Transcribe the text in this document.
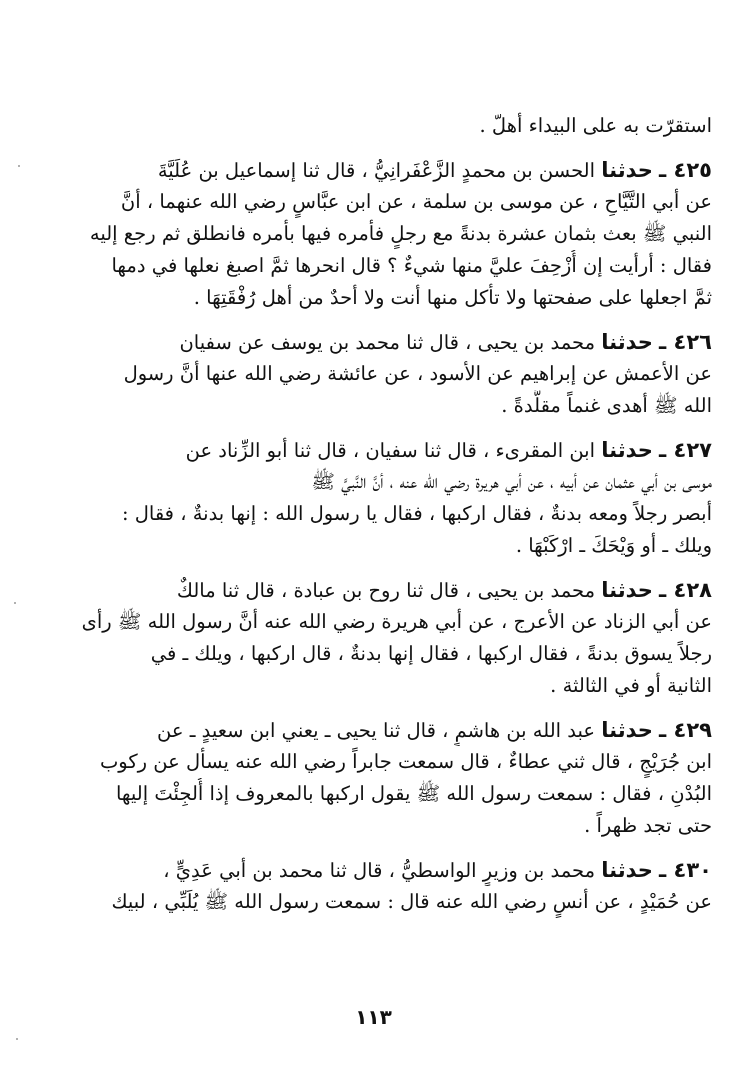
استقرّت به على البيداء أهلّ .
٤٢٥ ـ حدثنا الحسن بن محمدٍ الزَّعْفَرانِيُّ ، قال ثنا إسماعيل بن عُلَيَّةَ
عن أبي التَّيَّاحِ ، عن موسى بن سلمة ، عن ابن عبَّاسٍ رضي الله عنهما ، أنَّ
النبي ﷺ بعث بثمان عشرة بدنةً مع رجلٍ فأمره فيها بأمره فانطلق ثم رجع إليه
فقال : أرأيت إن أُزْحِفَ عليَّ منها شيءٌ ؟ قال انحرها ثمَّ اصبغ نعلها في دمها
ثمَّ اجعلها على صفحتها ولا تأكل منها أنت ولا أحدٌ من أهل رُفْقَتِهَا .
٤٢٦ ـ حدثنا محمد بن يحيى ، قال ثنا محمد بن يوسف عن سفيان
عن الأعمش عن إبراهيم عن الأسود ، عن عائشة رضي الله عنها أنَّ رسول
الله ﷺ أهدى غنماً مقلَّدةً .
٤٢٧ ـ حدثنا ابن المقرىء ، قال ثنا سفيان ، قال ثنا أبو الزِّناد عن
موسى بن أبي عثمان عن أبيه ، عن أبي هريرة رضي الله عنه ، أنَّ النَّبيَّ ﷺ
أبصر رجلاً ومعه بدنةٌ ، فقال اركبها ، فقال يا رسول الله : إنها بدنةٌ ، فقال :
ويلك ـ أو وَيْحَكَ ـ ارْكَبْهَا .
٤٢٨ ـ حدثنا محمد بن يحيى ، قال ثنا روح بن عبادة ، قال ثنا مالكٌ
عن أبي الزناد عن الأعرج ، عن أبي هريرة رضي الله عنه أنَّ رسول الله ﷺ رأى
رجلاً يسوق بدنةً ، فقال اركبها ، فقال إنها بدنةٌ ، قال اركبها ، ويلك ـ في
الثانية أو في الثالثة .
٤٢٩ ـ حدثنا عبد الله بن هاشمٍ ، قال ثنا يحيى ـ يعني ابن سعيدٍ ـ عن
ابن جُرَيْجٍ ، قال ثني عطاءٌ ، قال سمعت جابراً رضي الله عنه يسأل عن ركوب
البُدْنِ ، فقال : سمعت رسول الله ﷺ يقول اركبها بالمعروف إذا أُلجِئْتَ إليها
حتى تجد ظهراً .
٤٣٠ ـ حدثنا محمد بن وزيرٍ الواسطيُّ ، قال ثنا محمد بن أبي عَدِيٍّ ،
عن حُمَيْدٍ ، عن أنسٍ رضي الله عنه قال : سمعت رسول الله ﷺ يُلَبِّي ، لبيك
١١٣
